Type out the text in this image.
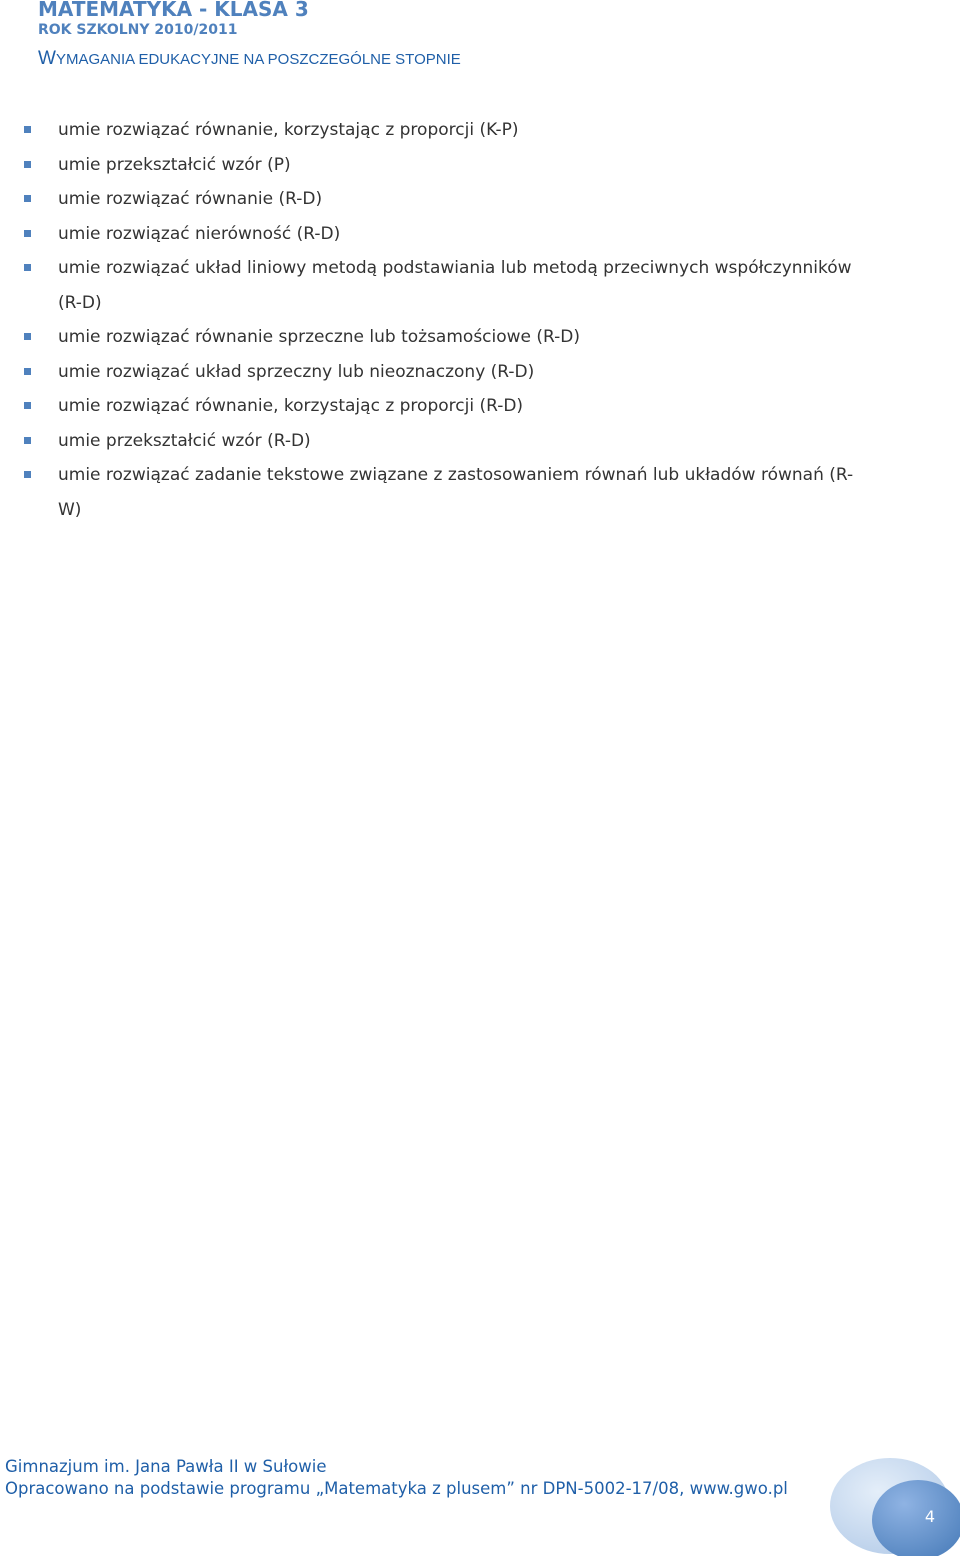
MATEMATYKA - KLASA 3
ROK SZKOLNY 2010/2011
WYMAGANIA EDUKACYJNE NA POSZCZEGÓLNE STOPNIE
umie rozwiązać równanie, korzystając z proporcji (K-P)
umie przekształcić wzór (P)
umie rozwiązać równanie (R-D)
umie rozwiązać nierówność (R-D)
umie rozwiązać układ liniowy metodą podstawiania lub metodą przeciwnych współczynników (R-D)
umie rozwiązać równanie sprzeczne lub tożsamościowe (R-D)
umie rozwiązać układ sprzeczny lub nieoznaczony (R-D)
umie rozwiązać równanie, korzystając z proporcji (R-D)
umie przekształcić wzór (R-D)
umie rozwiązać zadanie tekstowe związane z zastosowaniem równań lub układów równań (R-W)
Gimnazjum im. Jana Pawła II w Sułowie
Opracowano na podstawie programu „Matematyka z plusem” nr DPN-5002-17/08, www.gwo.pl
4
